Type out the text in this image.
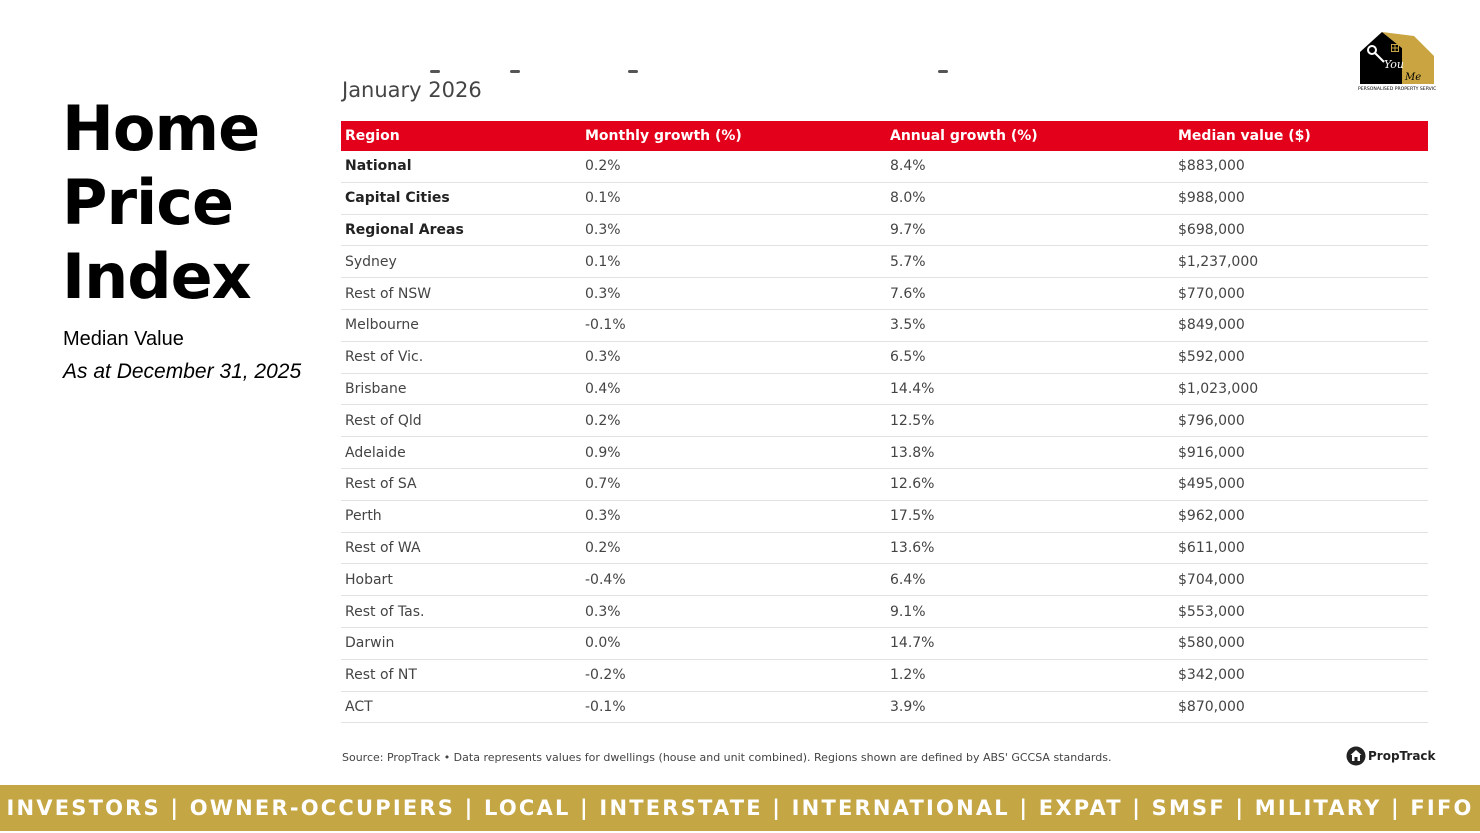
Home
Price
Index
Median Value
As at December 31, 2025
January 2026
You
Me
PERSONALISED PROPERTY SERVICES
Region	Monthly growth (%)	Annual growth (%)	Median value ($)
National	0.2%	8.4%	$883,000
Capital Cities	0.1%	8.0%	$988,000
Regional Areas	0.3%	9.7%	$698,000
Sydney	0.1%	5.7%	$1,237,000
Rest of NSW	0.3%	7.6%	$770,000
Melbourne	-0.1%	3.5%	$849,000
Rest of Vic.	0.3%	6.5%	$592,000
Brisbane	0.4%	14.4%	$1,023,000
Rest of Qld	0.2%	12.5%	$796,000
Adelaide	0.9%	13.8%	$916,000
Rest of SA	0.7%	12.6%	$495,000
Perth	0.3%	17.5%	$962,000
Rest of WA	0.2%	13.6%	$611,000
Hobart	-0.4%	6.4%	$704,000
Rest of Tas.	0.3%	9.1%	$553,000
Darwin	0.0%	14.7%	$580,000
Rest of NT	-0.2%	1.2%	$342,000
ACT	-0.1%	3.9%	$870,000
Source: PropTrack • Data represents values for dwellings (house and unit combined). Regions shown are defined by ABS' GCCSA standards.	PropTrack
INVESTORS | OWNER-OCCUPIERS | LOCAL | INTERSTATE | INTERNATIONAL | EXPAT | SMSF | MILITARY | FIFO
